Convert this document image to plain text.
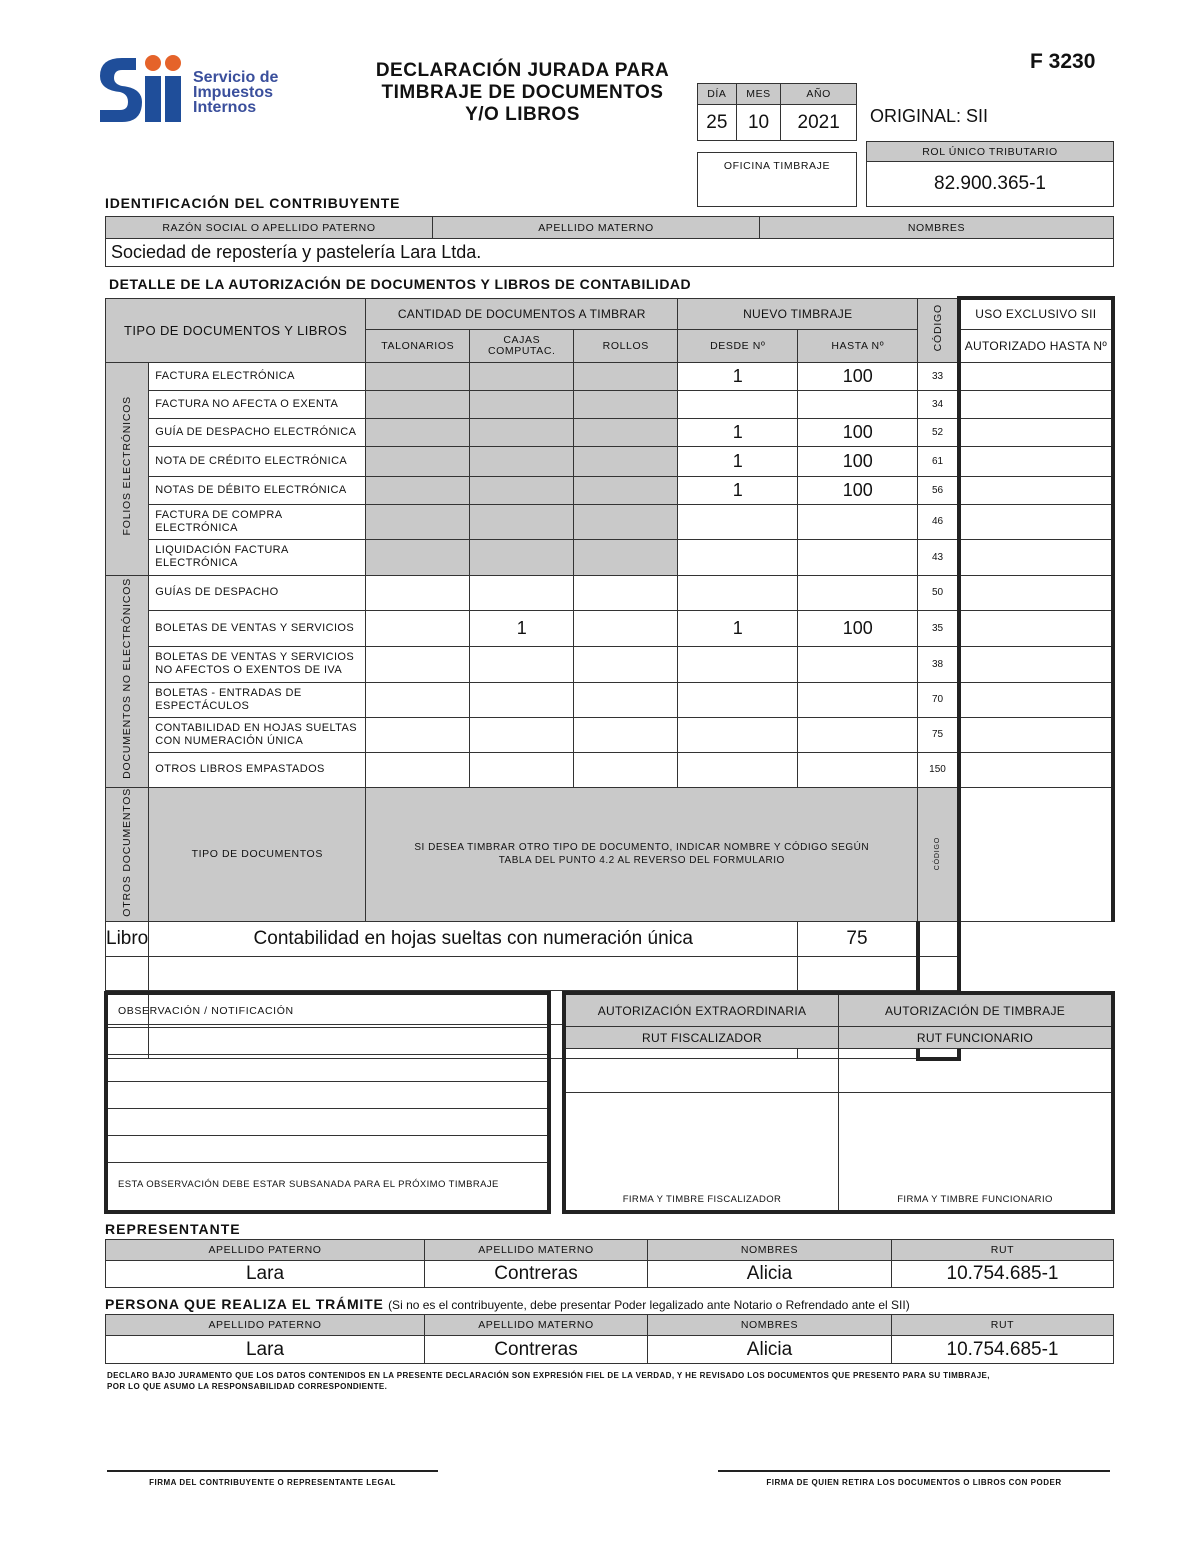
Servicio de
Impuestos
Internos
DECLARACIÓN JURADA PARA
TIMBRAJE DE DOCUMENTOS
Y/O LIBROS
F 3230
DÍA	MES	AÑO
25	10	2021 ORIGINAL: SII
OFICINA TIMBRAJE
ROL ÚNICO TRIBUTARIO
82.900.365-1
IDENTIFICACIÓN DEL CONTRIBUYENTE
RAZÓN SOCIAL O APELLIDO PATERNO	APELLIDO MATERNO	NOMBRES
Sociedad de repostería y pastelería Lara Ltda.
DETALLE DE LA AUTORIZACIÓN DE DOCUMENTOS Y LIBROS DE CONTABILIDAD
TIPO DE DOCUMENTOS Y LIBROS		CANTIDAD DE DOCUMENTOS A TIMBRAR			NUEVO TIMBRAJE		CÓDIGO	USO EXCLUSIVO SII
		TALONARIOS	CAJAS COMPUTAC.	ROLLOS	DESDE Nº	HASTA Nº		AUTORIZADO HASTA Nº
FOLIOS ELECTRÓNICOS	FACTURA ELECTRÓNICA				1	100	33	
	FACTURA NO AFECTA O EXENTA						34	
	GUÍA DE DESPACHO ELECTRÓNICA				1	100	52	
	NOTA DE CRÉDITO ELECTRÓNICA				1	100	61	
	NOTAS DE DÉBITO ELECTRÓNICA				1	100	56	
	FACTURA DE COMPRA ELECTRÓNICA						46	
	LIQUIDACIÓN FACTURA ELECTRÓNICA						43	
DOCUMENTOS NO ELECTRÓNICOS	GUÍAS DE DESPACHO						50	
	BOLETAS DE VENTAS Y SERVICIOS		1		1	100	35	
	BOLETAS DE VENTAS Y SERVICIOS NO AFECTOS O EXENTOS DE IVA						38	
	BOLETAS - ENTRADAS DE ESPECTÁCULOS						70	
	CONTABILIDAD EN HOJAS SUELTAS CON NUMERACIÓN ÚNICA						75	
	OTROS LIBROS EMPASTADOS						150	
OTROS DOCUMENTOS	TIPO DE DOCUMENTOS	SI DESEA TIMBRAR OTRO TIPO DE DOCUMENTO, INDICAR NOMBRE Y CÓDIGO SEGÚN TABLA DEL PUNTO 4.2 AL REVERSO DEL FORMULARIO					CÓDIGO	
Libro	Contabilidad en hojas sueltas con numeración única					75		

OBSERVACIÓN / NOTIFICACIÓN
ESTA OBSERVACIÓN DEBE ESTAR SUBSANADA PARA EL PRÓXIMO TIMBRAJE
AUTORIZACIÓN EXTRAORDINARIA	AUTORIZACIÓN DE TIMBRAJE
RUT FISCALIZADOR	RUT FUNCIONARIO
FIRMA Y TIMBRE FISCALIZADOR	FIRMA Y TIMBRE FUNCIONARIO
REPRESENTANTE
APELLIDO PATERNO	APELLIDO MATERNO	NOMBRES	RUT
Lara	Contreras	Alicia	10.754.685-1
PERSONA QUE REALIZA EL TRÁMITE (Si no es el contribuyente, debe presentar Poder legalizado ante Notario o Refrendado ante el SII)
APELLIDO PATERNO	APELLIDO MATERNO	NOMBRES	RUT
Lara	Contreras	Alicia	10.754.685-1
DECLARO BAJO JURAMENTO QUE LOS DATOS CONTENIDOS EN LA PRESENTE DECLARACIÓN SON EXPRESIÓN FIEL DE LA VERDAD, Y HE REVISADO LOS DOCUMENTOS QUE PRESENTO PARA SU TIMBRAJE,
POR LO QUE ASUMO LA RESPONSABILIDAD CORRESPONDIENTE.
FIRMA DEL CONTRIBUYENTE O REPRESENTANTE LEGAL	FIRMA DE QUIEN RETIRA LOS DOCUMENTOS O LIBROS CON PODER
